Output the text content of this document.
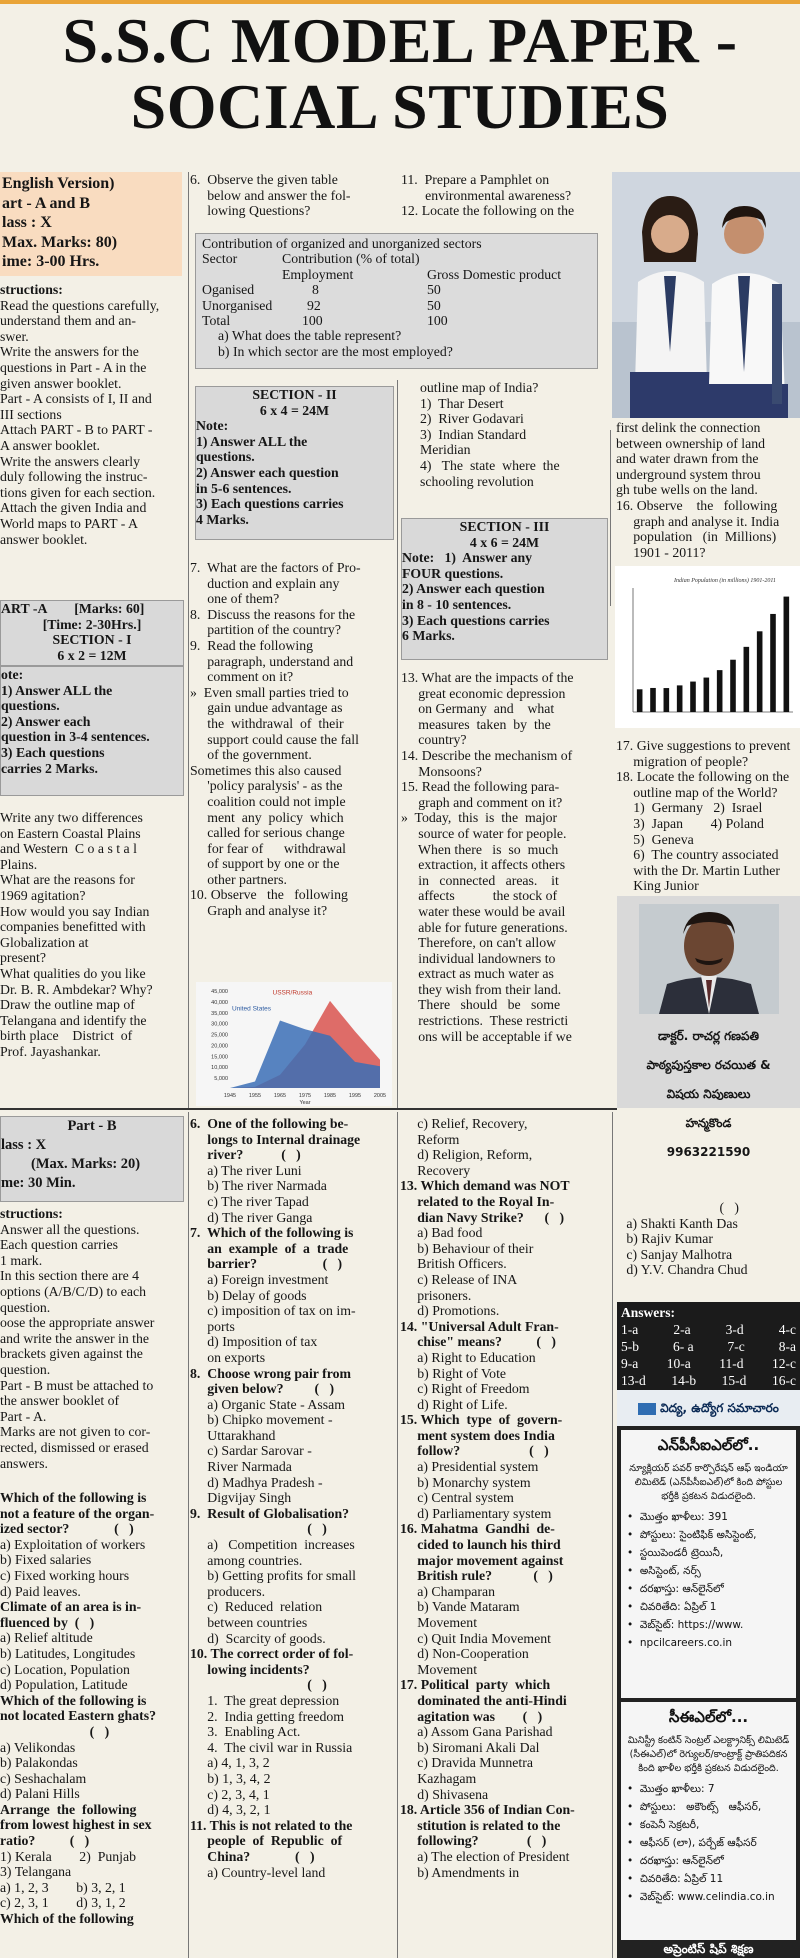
S.S.C MODEL PAPER -
SOCIAL STUDIES

English Version)

art - A and B

lass : X

Max. Marks: 80)

ime: 3-00 Hrs.

structions:

Read the questions carefully,

understand them and an-

swer.

Write the answers for the

questions in Part - A in the

given answer booklet.

Part - A consists of I, II and

III sections

Attach PART - B to PART -

A answer booklet.

Write the answers clearly

duly following the instruc-

tions given for each section.

Attach the given India and

World maps to PART - A

answer booklet.

ART -A        [Marks: 60]

[Time: 2-30Hrs.]

SECTION - I

6 x 2 = 12M

ote:

1) Answer ALL the

questions.

2) Answer each

question in 3-4 sentences.

3) Each questions

carries 2 Marks.

Write any two differences

on Eastern Coastal Plains

and Western  C o a s t a l

Plains.

What are the reasons for

1969 agitation?

How would you say Indian

companies benefitted with

Globalization at

present?

What qualities do you like

Dr. B. R. Ambdekar? Why?

Draw the outline map of

Telangana and identify the

birth place    District  of

Prof. Jayashankar.

6.  Observe the given table

below and answer the fol-

lowing Questions?

Contribution of organized and unorganized sectors
Sector	Contribution (% of total)
Employment	Gross Domestic product
Oganised	8	50
Unorganised	92	50
Total	100	100
a) What does the table represent?
b) In which sector are the most employed?

SECTION - II

6 x 4 = 24M

Note:

1) Answer ALL the

questions.

2) Answer each question

in 5-6 sentences.

3) Each questions carries

4 Marks.

7.  What are the factors of Pro-

duction and explain any

one of them?

8.  Discuss the reasons for the

partition of the country?

9.  Read the following

paragraph, understand and

comment on it?

»  Even small parties tried to

gain undue advantage as

the  withdrawal  of  their

support could cause the fall

of the government.

Sometimes this also caused

'policy paralysis' - as the

coalition could not imple

ment  any  policy  which

called for serious change

for fear of      withdrawal

of support by one or the

other partners.

10. Observe   the   following

Graph and analyse it?

45,000
40,000
35,000
30,000
25,000
20,000
15,000
10,000
5,000
USSR/Russia
United States
1945 1955 1965 1975 1985 1995 2005
Year

11.  Prepare a Pamphlet on

environmental awareness?

12. Locate the following on the

outline map of India?

1)  Thar Desert

2)  River Godavari

3)  Indian Standard

Meridian

4)   The  state  where  the

schooling revolution

SECTION - III

4 x 6 = 24M

Note:   1)  Answer any

FOUR questions.

2) Answer each question

in 8 - 10 sentences.

3) Each questions carries

6 Marks.

13. What are the impacts of the

great economic depression

on Germany  and    what

measures  taken  by  the

country?

14. Describe the mechanism of

Monsoons?

15. Read the following para-

graph and comment on it?

»  Today,  this  is  the  major

source of water for people.

When there   is  so  much

extraction, it affects others

in   connected   areas.    it

affects           the stock of

water these would be avail

able for future generations.

Therefore, on can't allow

individual landowners to

extract as much water as

they wish from their land.

There   should   be   some

restrictions.  These restricti

ons will be acceptable if we

first delink the connection

between ownership of land

and water drawn from the

underground system throu

gh tube wells on the land.

16. Observe    the   following

graph and analyse it. India

population   (in  Millions)

1901 - 2011?

Indian Population (in millions) 1901-2011

17. Give suggestions to prevent

migration of people?

18. Locate the following on the

outline map of the World?

1)  Germany   2)  Israel

3)  Japan        4) Poland

5)  Geneva

6)  The country associated

with the Dr. Martin Luther

King Junior

డాక్టర్. రాచర్ల గణపతి

పాఠ్యపుస్తకాల రచయిత &

విషయ నిపుణులు

హన్మకొండ

9963221590

Part - B

lass : X

(Max. Marks: 20)

me: 30 Min.

structions:

Answer all the questions.

Each question carries

1 mark.

In this section there are 4

options (A/B/C/D) to each

question.

oose the appropriate answer

and write the answer in the

brackets given against the

question.

Part - B must be attached to

the answer booklet of

Part - A.

Marks are not given to cor-

rected, dismissed or erased

answers.

Which of the following is

not a feature of the organ-

ized sector?             (   )

a) Exploitation of workers

b) Fixed salaries

c) Fixed working hours

d) Paid leaves.

Climate of an area is in-

fluenced by  (   )

a) Relief altitude

b) Latitudes, Longitudes

c) Location, Population

d) Population, Latitude

Which of the following is

not located Eastern ghats?

(   )

a) Velikondas

b) Palakondas

c) Seshachalam

d) Palani Hills

Arrange  the  following

from lowest highest in sex

ratio?          (   )

1) Kerala        2)  Punjab

3) Telangana

a) 1, 2, 3        b) 3, 2, 1

c) 2, 3, 1        d) 3, 1, 2

Which of the following

6.  One of the following be-

longs to Internal drainage

river?           (   )

a) The river Luni

b) The river Narmada

c) The river Tapad

d) The river Ganga

7.  Which of the following is

an  example  of  a  trade

barrier?                   (   )

a) Foreign investment

b) Delay of goods

c) imposition of tax on im-

ports

d) Imposition of tax

on exports

8.  Choose wrong pair from

given below?         (   )

a) Organic State - Assam

b) Chipko movement -

Uttarakhand

c) Sardar Sarovar -

River Narmada

d) Madhya Pradesh -

Digvijay Singh

9.  Result of Globalisation?

(   )

a)   Competition  increases

among countries.

b) Getting profits for small

producers.

c)  Reduced  relation

between countries

d)  Scarcity of goods.

10. The correct order of fol-

lowing incidents?

(   )

1.  The great depression

2.  India getting freedom

3.  Enabling Act.

4.  The civil war in Russia

a) 4, 1, 3, 2

b) 1, 3, 4, 2

c) 2, 3, 4, 1

d) 4, 3, 2, 1

11. This is not related to the

people  of  Republic  of

China?             (   )

a) Country-level land

c) Relief, Recovery,

Reform

d) Religion, Reform,

Recovery

13. Which demand was NOT

related to the Royal In-

dian Navy Strike?      (   )

a) Bad food

b) Behaviour of their

British Officers.

c) Release of INA

prisoners.

d) Promotions.

14. "Universal Adult Fran-

chise" means?          (   )

a) Right to Education

b) Right of Vote

c) Right of Freedom

d) Right of Life.

15. Which  type  of  govern-

ment system does India

follow?                    (   )

a) Presidential system

b) Monarchy system

c) Central system

d) Parliamentary system

16. Mahatma  Gandhi  de-

cided to launch his third

major movement against

British rule?            (   )

a) Champaran

b) Vande Mataram

Movement

c) Quit India Movement

d) Non-Cooperation

Movement

17. Political  party  which

dominated the anti-Hindi

agitation was        (   )

a) Assom Gana Parishad

b) Siromani Akali Dal

c) Dravida Munnetra

Kazhagam

d) Shivasena

18. Article 356 of Indian Con-

stitution is related to the

following?              (   )

a) The election of President

b) Amendments in

(   )

a) Shakti Kanth Das

b) Rajiv Kumar

c) Sanjay Malhotra

d) Y.V. Chandra Chud

Answers:
1-a	2-a	3-d	4-c
5-b	6- a	7-c	8-a
9-a 10-a 11-d 12-c
13-d 14-b 15-d 16-c
విద్య, ఉద్యోగ సమాచారం
ఎన్‌పీసీఐఎల్‌లో..
న్యూక్లియర్ పవర్ కార్పొరేషన్ ఆఫ్ ఇండియా
లిమిటెడ్ (ఎన్‌పీసీఐఎల్)లో కింది పోస్టుల
భర్తీకి ప్రకటన విడుదలైంది.
•  మొత్తం ఖాళీలు: 391
•  పోస్టులు: సైంటిఫిక్ అసిస్టెంట్,
•  స్టయిపెండరీ ట్రెయినీ,
•  అసిస్టెంట్, నర్స్
•  దరఖాస్తు: ఆన్‌లైన్‌లో
•  చివరితేది: ఏప్రిల్ 1
•  వెబ్‌సైట్: https://www.
•  npcilcareers.co.in
సీఈఎల్‌లో...
మినిస్ట్రీ కంటిన్ సెంట్రల్ ఎలక్ట్రానిక్స్ లిమిటెడ్
(సీఈఎల్)లో రెగ్యులర్/కాంట్రాక్ట్ ప్రాతిపదికన
కింది ఖాళీల భర్తీకి ప్రకటన విడుదలైంది.
•  మొత్తం ఖాళీలు: 7
•  పోస్టులు:   అకౌంట్స్   ఆఫీసర్,
•  కంపెనీ సెక్రటరీ,
•  ఆఫీసర్ (లా), పర్చేజ్ ఆఫీసర్
•  దరఖాస్తు: ఆన్‌లైన్‌లో
•  చివరితేది: ఏప్రిల్ 11
•  వెబ్‌సైట్: www.celindia.co.in
అప్రెంటిస్ షిప్ శిక్షణ
